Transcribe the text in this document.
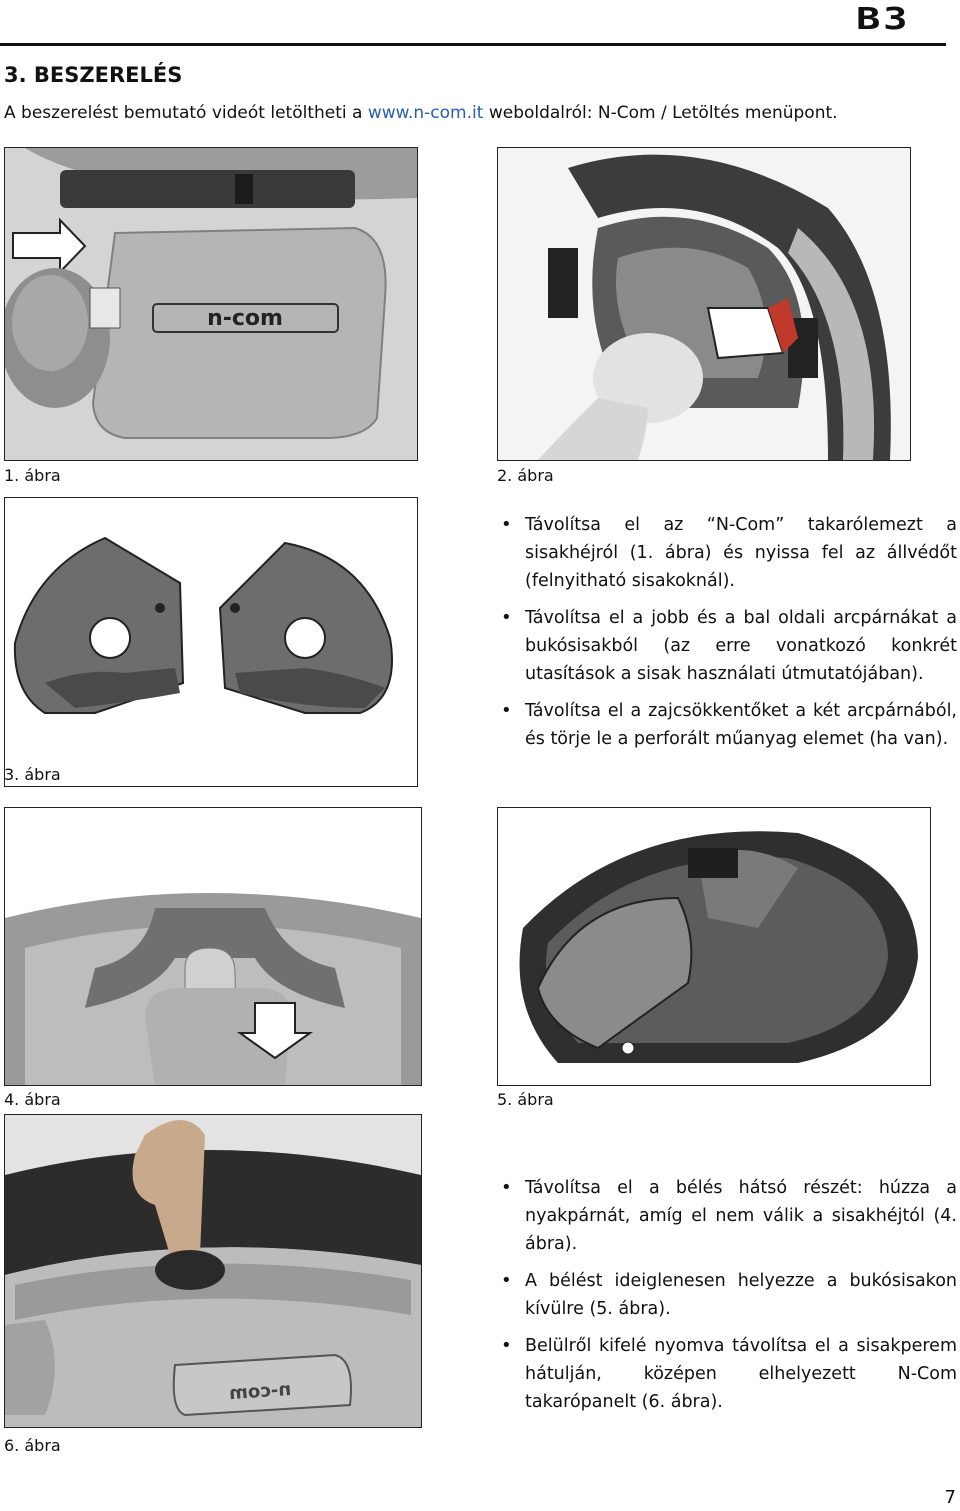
B3
3. BESZERELÉS
A beszerelést bemutató videót letöltheti a www.n-com.it weboldalról: N-Com / Letöltés menüpont.
n-com
1. ábra	2. ábra
3. ábra
• Távolítsa el az “N-Com” takarólemezt a sisakhéjról (1. ábra) és nyissa fel az állvédőt (felnyitható sisakoknál).
• Távolítsa el a jobb és a bal oldali arcpárnákat a bukósisakból (az erre vonatkozó konkrét utasítások a sisak használati útmutatójában).
• Távolítsa el a zajcsökkentőket a két arcpárnából, és törje le a perforált műanyag elemet (ha van).
4. ábra	5. ábra
n-com
6. ábra
• Távolítsa el a bélés hátsó részét: húzza a nyakpárnát, amíg el nem válik a sisakhéjtól (4. ábra).
• A bélést ideiglenesen helyezze a bukósisakon kívülre (5. ábra).
• Belülről kifelé nyomva távolítsa el a sisakperem hátulján, középen elhelyezett N-Com takarópanelt (6. ábra).
7
